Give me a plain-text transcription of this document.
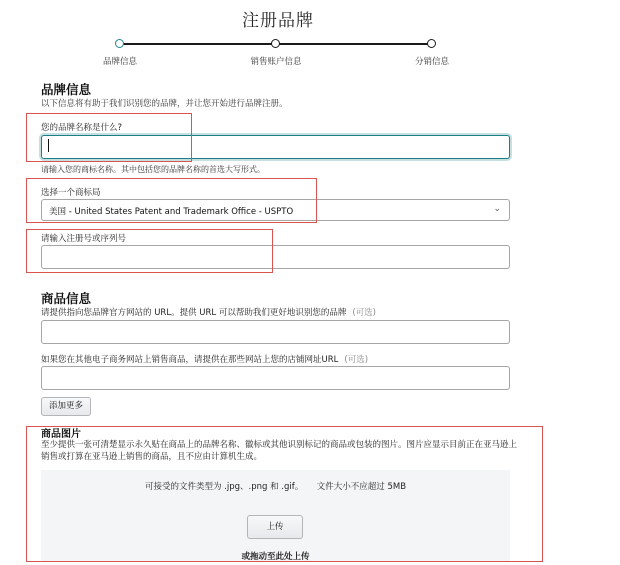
注册品牌
品牌信息	销售账户信息	分销信息
品牌信息
以下信息将有助于我们识别您的品牌，并让您开始进行品牌注册。
您的品牌名称是什么?
请输入您的商标名称。其中包括您的品牌名称的首选大写形式。
选择一个商标局
美国 - United States Patent and Trademark Office - USPTO	⌄
请输入注册号或序列号
商品信息
请提供指向您品牌官方网站的 URL。提供 URL 可以帮助我们更好地识别您的品牌 (可选)
如果您在其他电子商务网站上销售商品，请提供在那些网站上您的店铺网址URL (可选)
添加更多
商品图片
至少提供一张可清楚显示永久贴在商品上的品牌名称、徽标或其他识别标记的商品或包装的图片。图片应显示目前正在亚马逊上销售或打算在亚马逊上销售的商品，且不应由计算机生成。
可接受的文件类型为 .jpg、.png 和 .gif。 文件大小不应超过 5MB
上传
或拖动至此处上传
